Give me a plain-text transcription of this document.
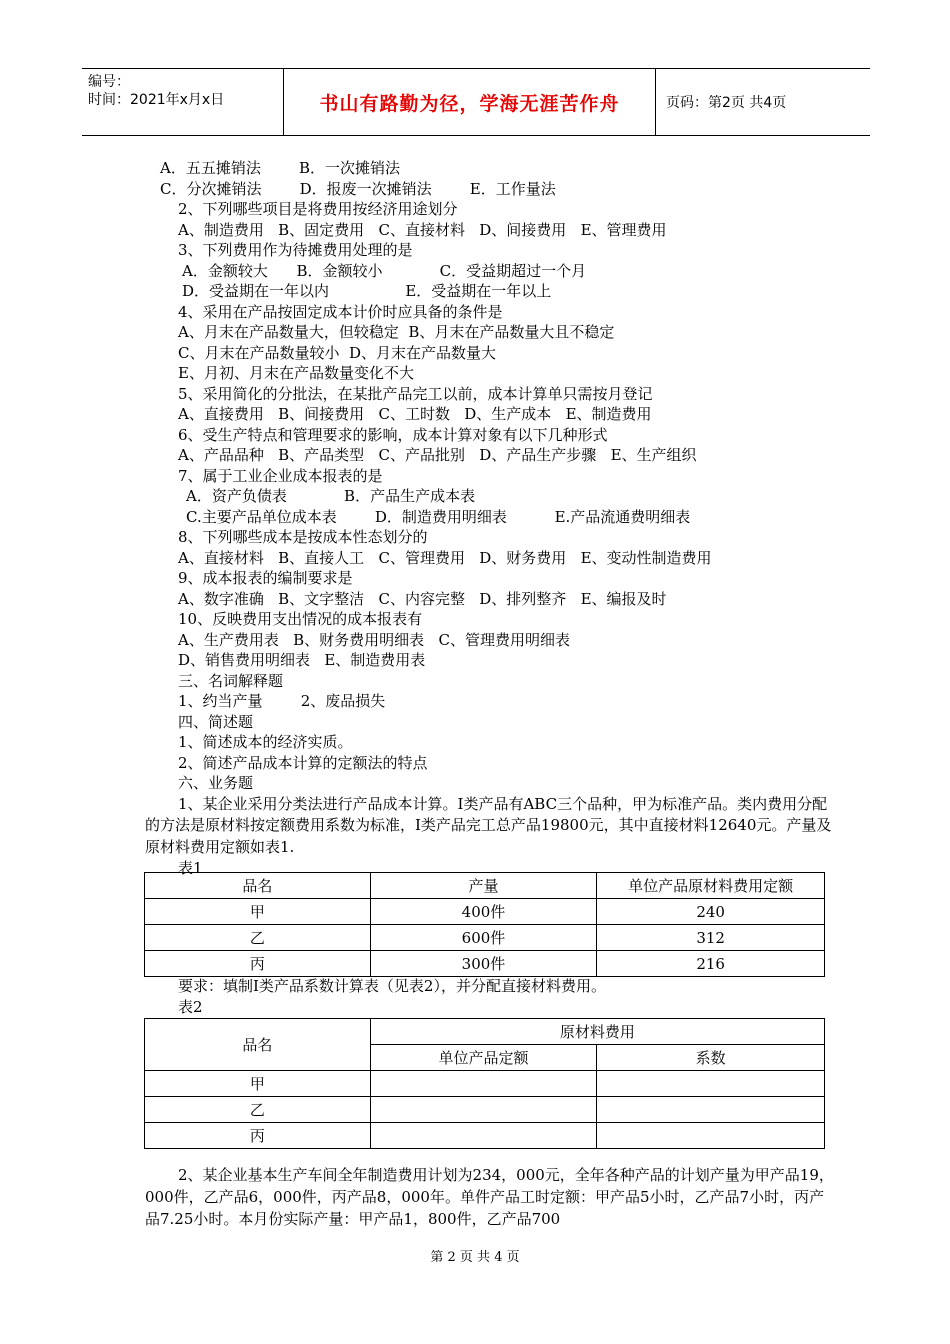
编号：
时间：2021年x月x日	书山有路勤为径，学海无涯苦作舟	页码：第2页 共4页
A．五五摊销法        B．一次摊销法
C．分次摊销法        D．报废一次摊销法        E．工作量法
2、下列哪些项目是将费用按经济用途划分
A、制造费用   B、固定费用   C、直接材料   D、间接费用   E、管理费用
3、下列费用作为待摊费用处理的是
A．金额较大      B．金额较小            C．受益期超过一个月
D．受益期在一年以内                E．受益期在一年以上
4、采用在产品按固定成本计价时应具备的条件是
A、月末在产品数量大，但较稳定  B、月末在产品数量大且不稳定
C、月末在产品数量较小  D、月末在产品数量大
E、月初、月末在产品数量变化不大
5、采用简化的分批法，在某批产品完工以前，成本计算单只需按月登记
A、直接费用   B、间接费用   C、工时数   D、生产成本   E、制造费用
6、受生产特点和管理要求的影响，成本计算对象有以下几种形式
A、产品品种   B、产品类型   C、产品批别   D、产品生产步骤   E、生产组织
7、属于工业企业成本报表的是
A．资产负债表            B．产品生产成本表
C.主要产品单位成本表        D．制造费用明细表          E.产品流通费明细表
8、下列哪些成本是按成本性态划分的
A、直接材料   B、直接人工   C、管理费用   D、财务费用   E、变动性制造费用
9、成本报表的编制要求是
A、数字准确   B、文字整洁   C、内容完整   D、排列整齐   E、编报及时
10、反映费用支出情况的成本报表有
A、生产费用表   B、财务费用明细表   C、管理费用明细表
D、销售费用明细表   E、制造费用表
三、名词解释题
1、约当产量        2、废品损失
四、简述题
1、简述成本的经济实质。
2、简述产品成本计算的定额法的特点
六、业务题
1、某企业采用分类法进行产品成本计算。I类产品有ABC三个品种，甲为标准产品。类内费用分配的方法是原材料按定额费用系数为标准，I类产品完工总产品19800元，其中直接材料12640元。产量及原材料费用定额如表1.
表1
品名	产量	单位产品原材料费用定额
甲	400件	240
乙	600件	312
丙	300件	216
要求：填制I类产品系数计算表（见表2），并分配直接材料费用。
表2
品名	原材料费用	
	单位产品定额	系数
甲		
乙		
丙		
2、某企业基本生产车间全年制造费用计划为234，000元，全年各种产品的计划产量为甲产品19，000件，乙产品6，000件，丙产品8，000年。单件产品工时定额：甲产品5小时，乙产品7小时，丙产品7.25小时。本月份实际产量：甲产品1，800件，乙产品700
第 2 页 共 4 页
